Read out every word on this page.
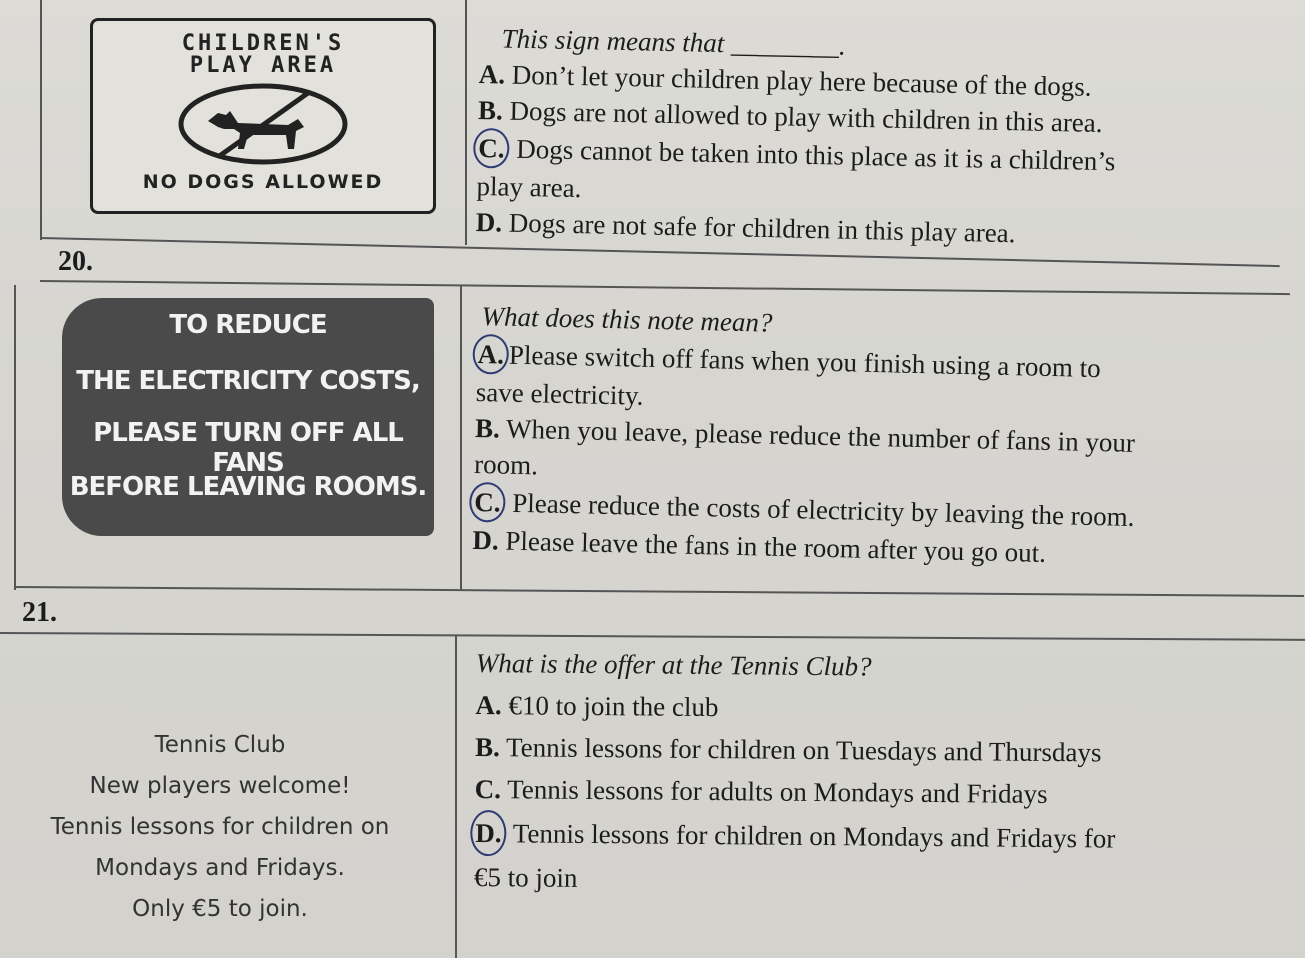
CHILDREN'S
PLAY AREA
NO DOGS ALLOWED
This sign means that ________.
A. Don’t let your children play here because of the dogs.
B. Dogs are not allowed to play with children in this area.
C. Dogs cannot be taken into this place as it is a children’s
play area.
D. Dogs are not safe for children in this play area.
20.
TO REDUCE
THE ELECTRICITY COSTS,
PLEASE TURN OFF ALL FANS
BEFORE LEAVING ROOMS.
What does this note mean?
A. Please switch off fans when you finish using a room to
save electricity.
B. When you leave, please reduce the number of fans in your
room.
C. Please reduce the costs of electricity by leaving the room.
D. Please leave the fans in the room after you go out.
21.
Tennis Club
New players welcome!
Tennis lessons for children on
Mondays and Fridays.
Only €5 to join.
What is the offer at the Tennis Club?
A. €10 to join the club
B. Tennis lessons for children on Tuesdays and Thursdays
C. Tennis lessons for adults on Mondays and Fridays
D. Tennis lessons for children on Mondays and Fridays for
€5 to join
